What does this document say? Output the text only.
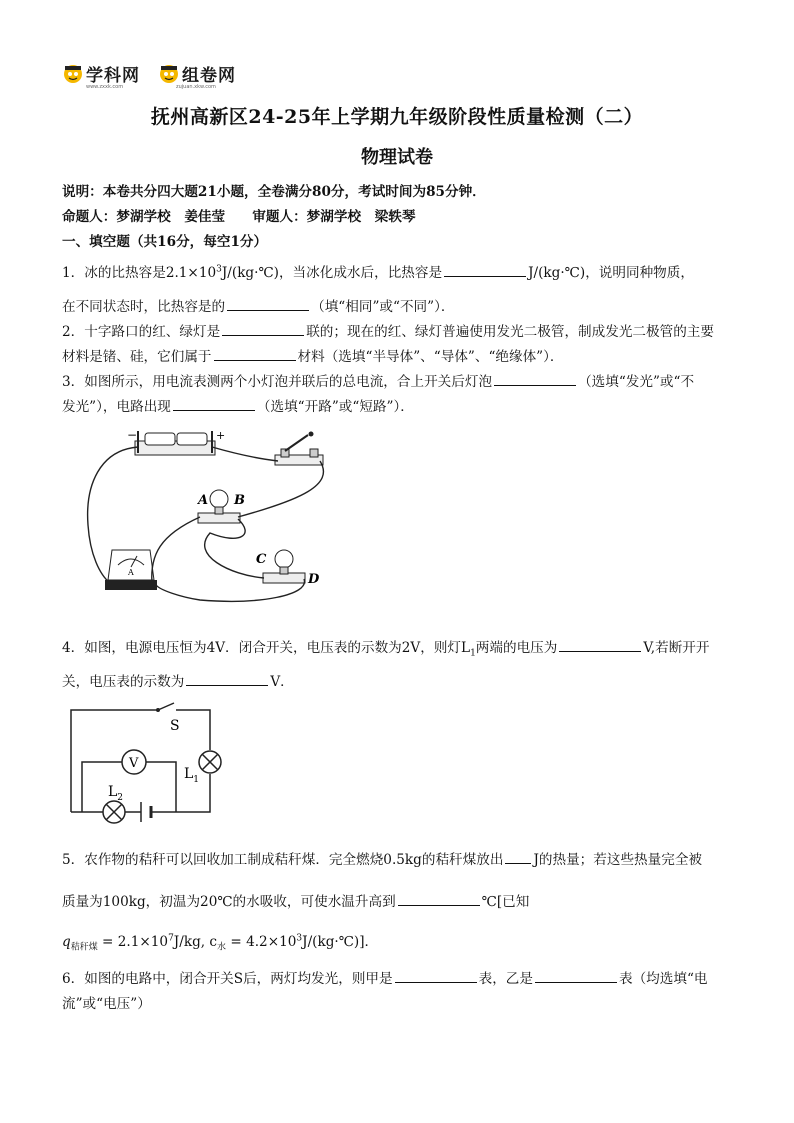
学科网 组卷网
www.zxxk.com	zujuan.xkw.com
抚州高新区24-25年上学期九年级阶段性质量检测（二）
物理试卷
说明：本卷共分四大题21小题，全卷满分80分，考试时间为85分钟．
命题人：梦湖学校　姜佳莹　　审题人：梦湖学校　梁轶琴
一、填空题（共16分，每空1分）
1．冰的比热容是$2.1\times 10^3J/(kg\cdot℃)$，当冰化成水后，比热容是	J/(kg·℃)，说明同种物质，
在不同状态时，比热容是的	（填“相同”或“不同”）．
2．十字路口的红、绿灯是	联的；现在的红、绿灯普遍使用发光二极管，制成发光二极管的主要
材料是锗、硅，它们属于	材料（选填“半导体”、“导体”、“绝缘体”）．
3．如图所示，用电流表测两个小灯泡并联后的总电流，合上开关后灯泡	（选填“发光”或“不
发光”），电路出现	（选填“开路”或“短路”）．
−	+
A B
C
D
A
4．如图，电源电压恒为4V．闭合开关，电压表的示数为2V，则灯$L_1$两端的电压为	V,若断开开
关，电压表的示数为	V．
S
$L_1$
V
$L_2$
5．农作物的秸秆可以回收加工制成秸秆煤．完全燃烧0.5kg的秸秆煤放出 J的热量；若这些热量完全被
质量为100kg，初温为20℃的水吸收，可使水温升高到	℃[已知
$q_{秸秆煤} = 2.1\times 10^7J/kg$, $c_水$ = $4.2\times 10^3J/(kg\cdot℃)$]．
6．如图的电路中，闭合开关S后，两灯均发光，则甲是	表，乙是	表（均选填“电
流”或“电压”）
